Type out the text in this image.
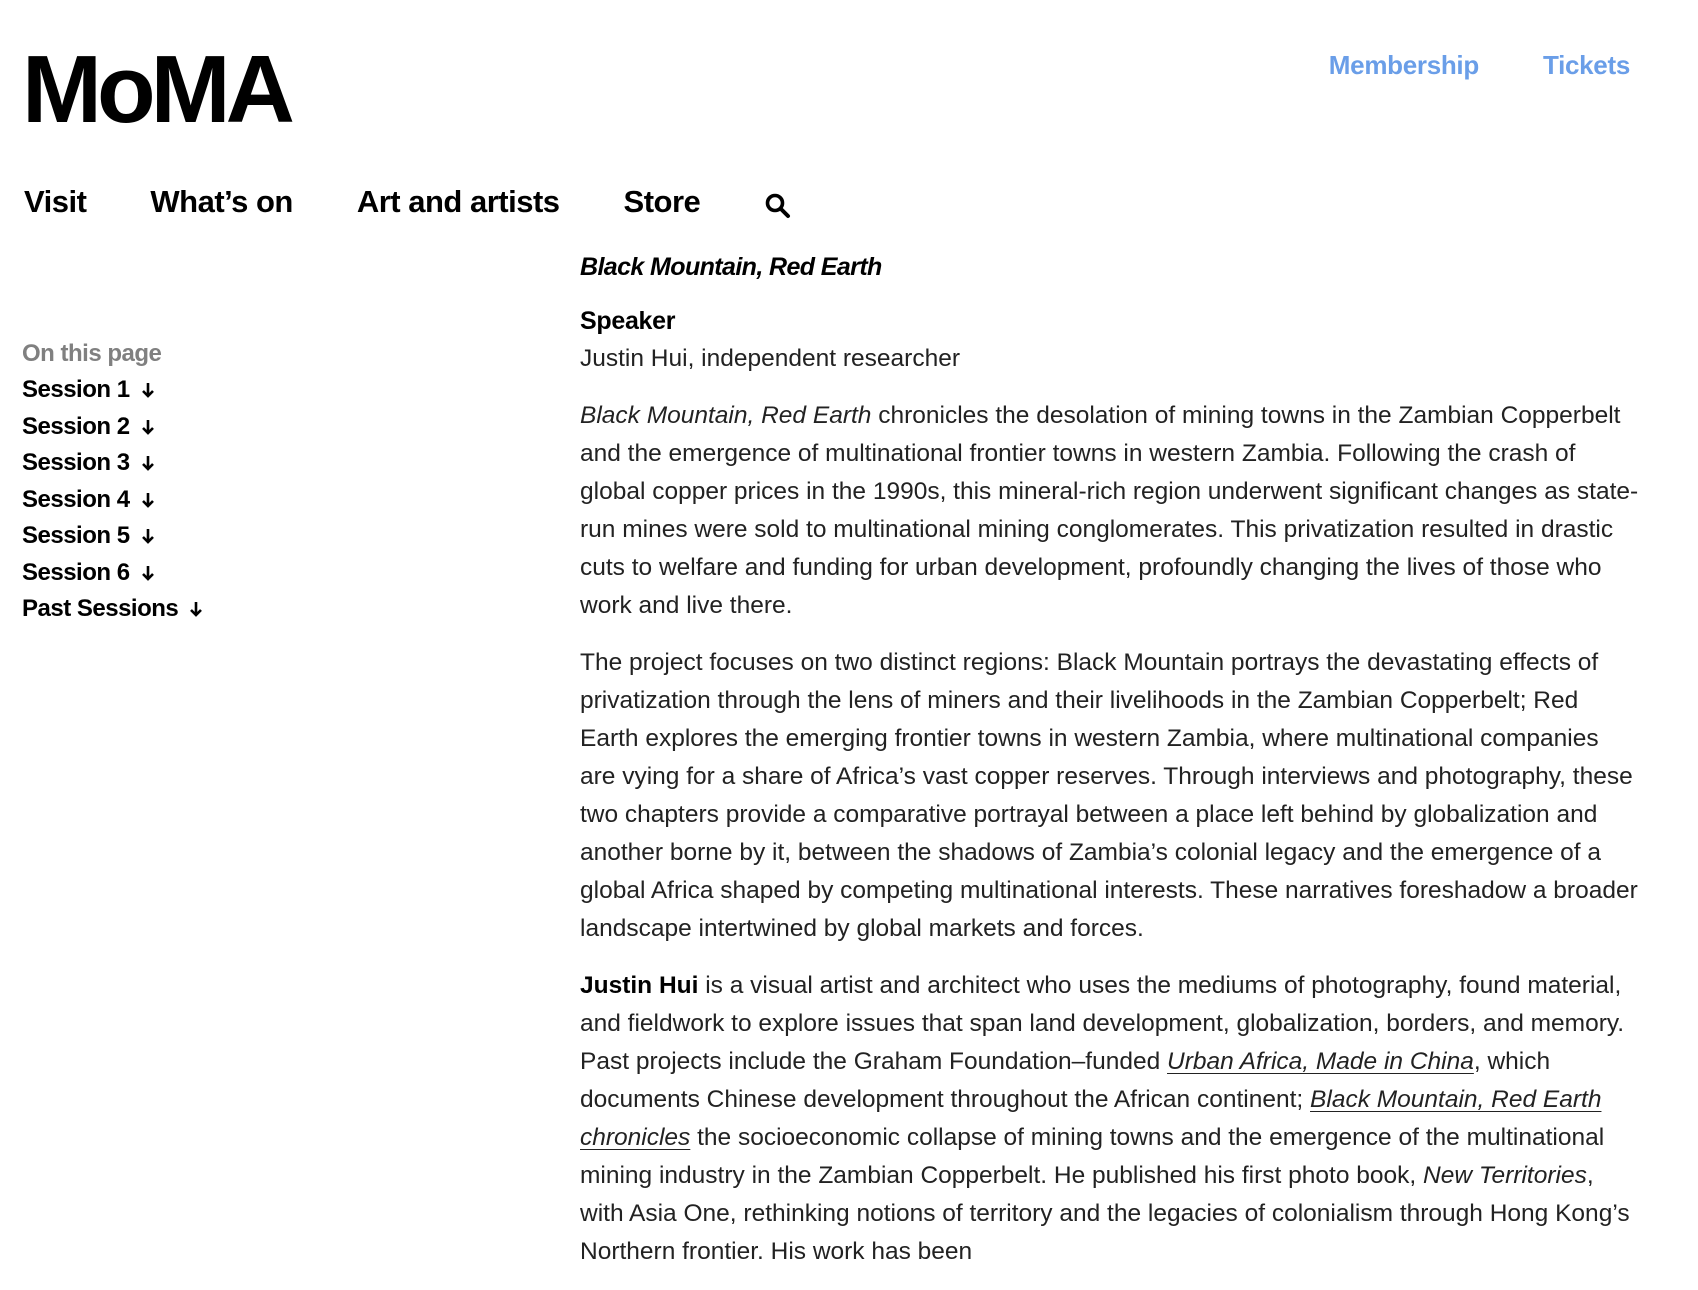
MoMA	Membership Tickets
Visit What’s on Art and artists Store
On this page
Session 1
Session 2
Session 3
Session 4
Session 5
Session 6
Past Sessions

Black Mountain, Red Earth

Speaker

Justin Hui, independent researcher

Black Mountain, Red Earth chronicles the desolation of mining towns in the Zambian Copperbelt and the emergence of multinational frontier towns in western Zambia. Following the crash of global copper prices in the 1990s, this mineral-rich region underwent significant changes as state-run mines were sold to multinational mining conglomerates. This privatization resulted in drastic cuts to welfare and funding for urban development, profoundly changing the lives of those who work and live there.

The project focuses on two distinct regions: Black Mountain portrays the devastating effects of privatization through the lens of miners and their livelihoods in the Zambian Copperbelt; Red Earth explores the emerging frontier towns in western Zambia, where multinational companies are vying for a share of Africa’s vast copper reserves. Through interviews and photography, these two chapters provide a comparative portrayal between a place left behind by globalization and another borne by it, between the shadows of Zambia’s colonial legacy and the emergence of a global Africa shaped by competing multinational interests. These narratives foreshadow a broader landscape intertwined by global markets and forces.

Justin Hui is a visual artist and architect who uses the mediums of photography, found material, and fieldwork to explore issues that span land development, globalization, borders, and memory. Past projects include the Graham Foundation–funded Urban Africa, Made in China, which documents Chinese development throughout the African continent; Black Mountain, Red Earth chronicles the socioeconomic collapse of mining towns and the emergence of the multinational mining industry in the Zambian Copperbelt. He published his first photo book, New Territories, with Asia One, rethinking notions of territory and the legacies of colonialism through Hong Kong’s Northern frontier. His work has been
